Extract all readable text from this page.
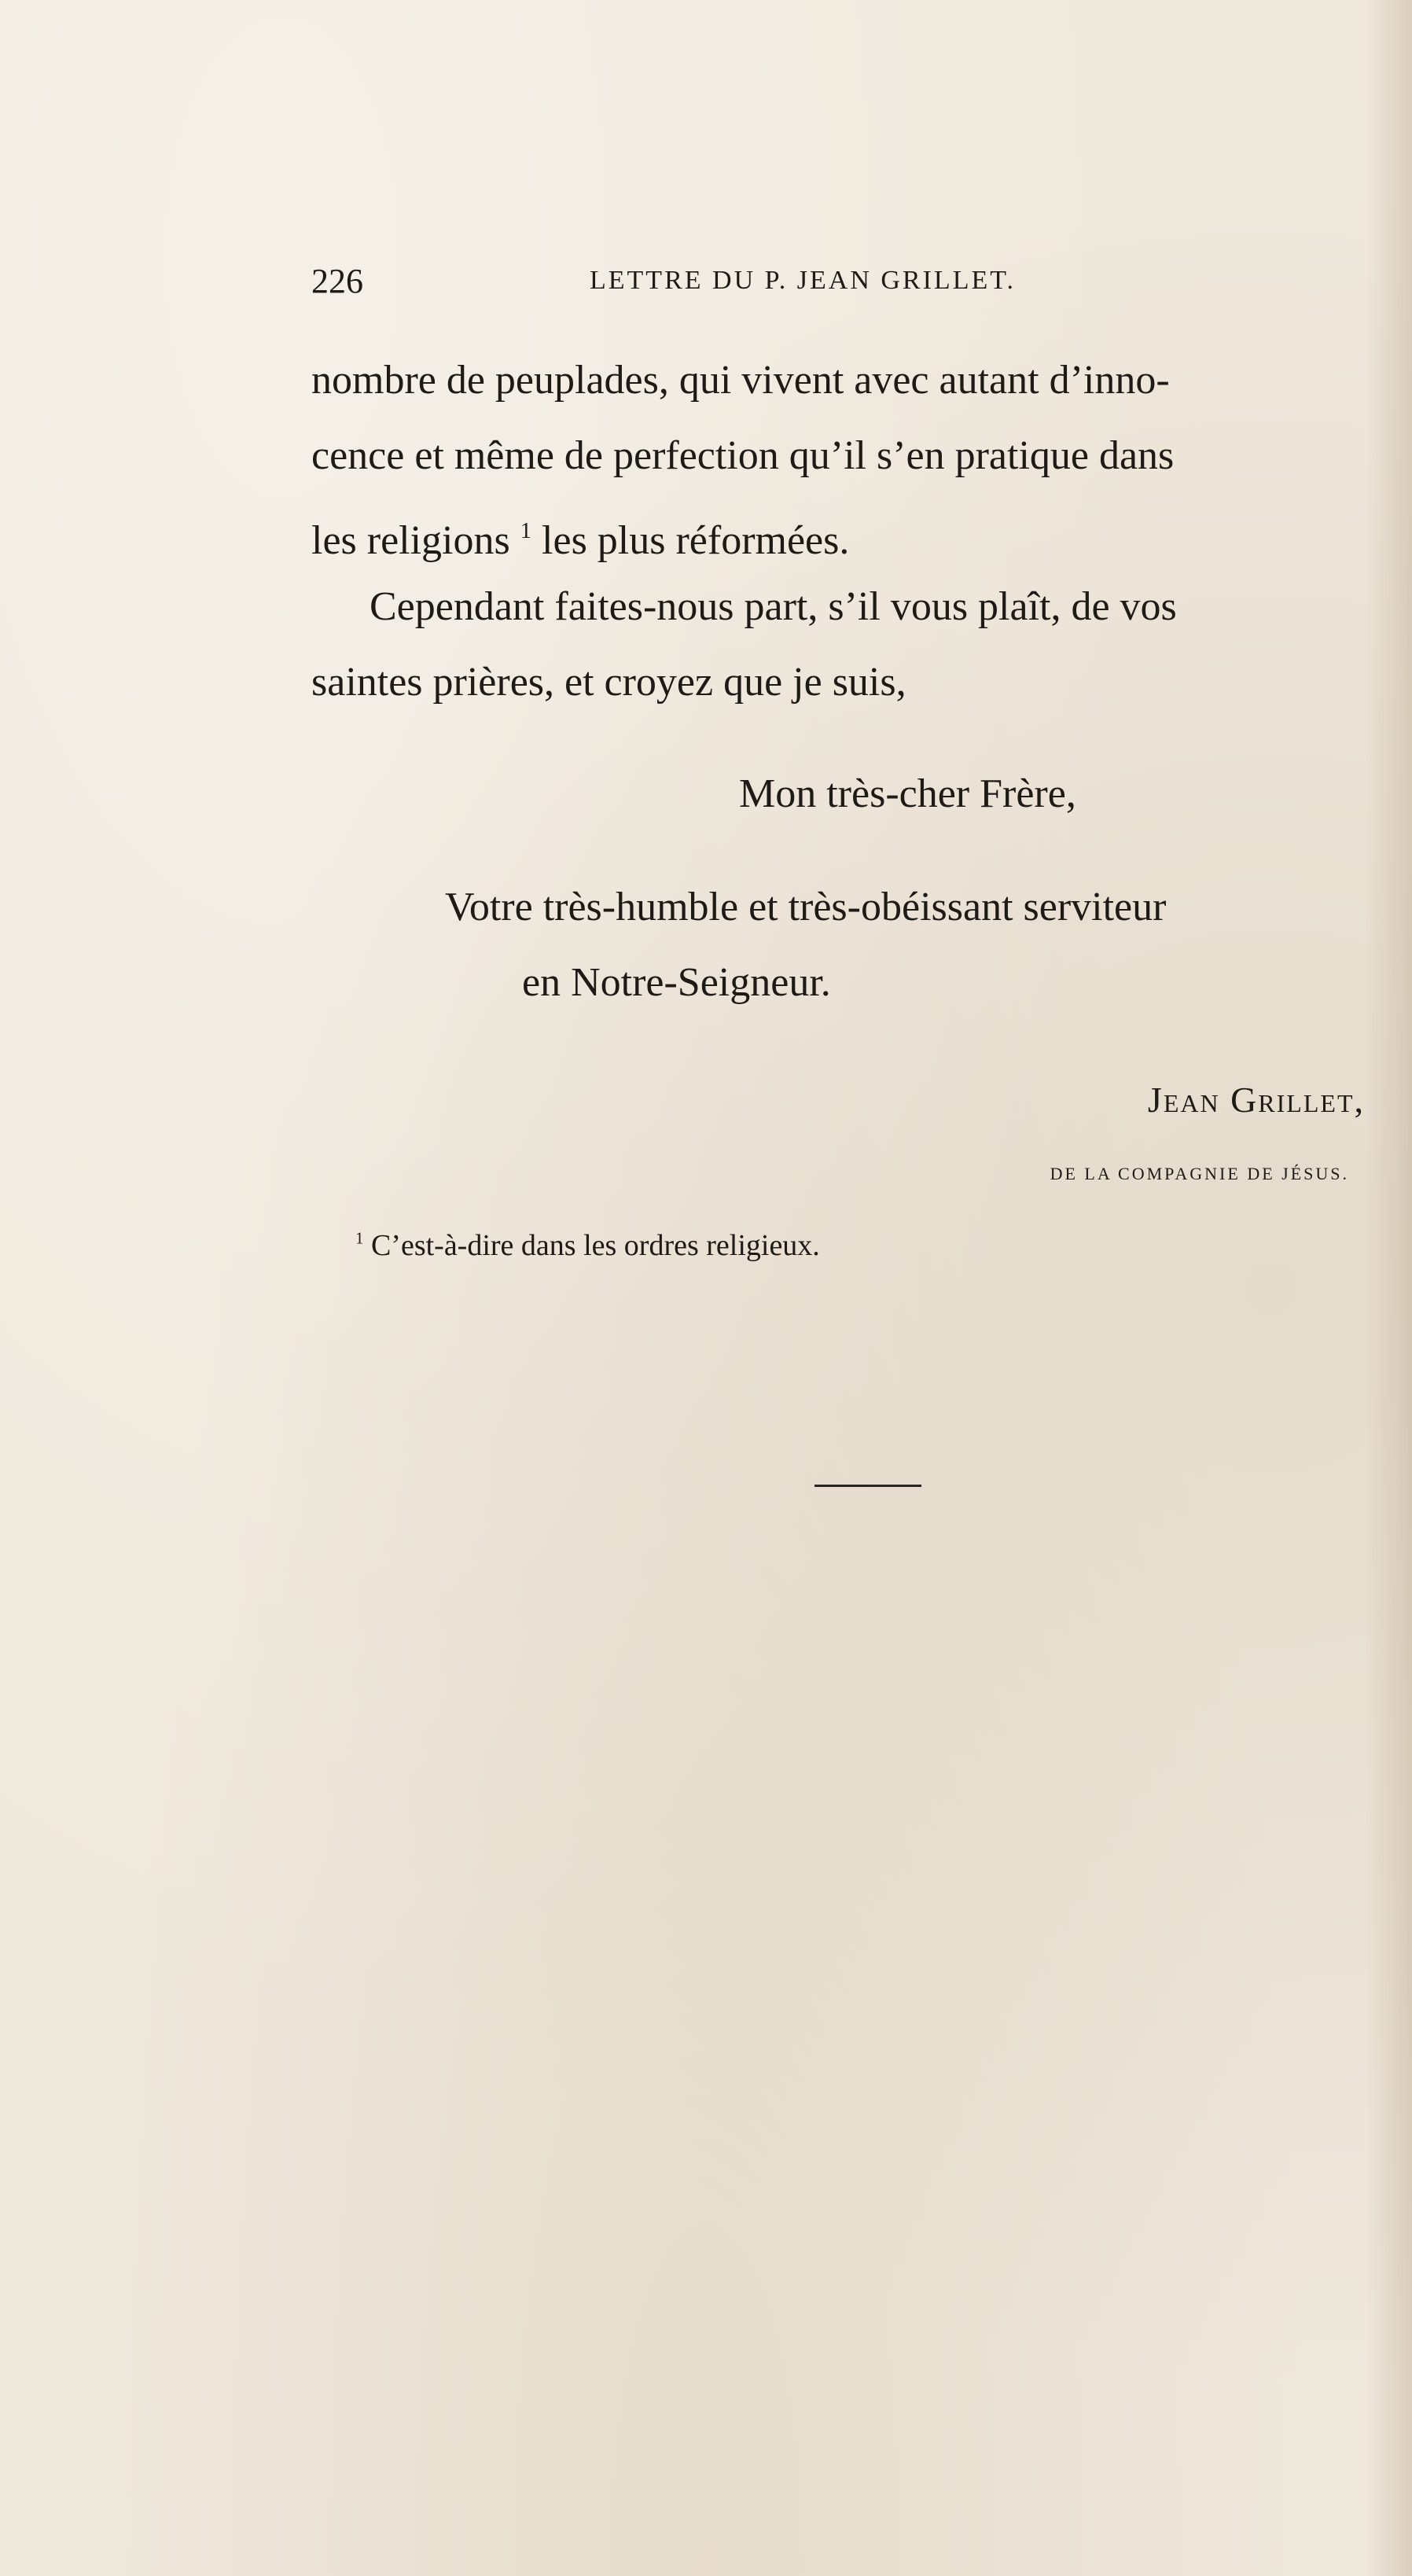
226	LETTRE DU P. JEAN GRILLET.
nombre de peuplades, qui vivent avec autant d’inno-
cence et même de perfection qu’il s’en pratique dans
les religions $^1$ les plus réformées.
Cependant faites-nous part, s’il vous plaît, de vos
saintes prières, et croyez que je suis,
Mon très-cher Frère,
Votre très-humble et très-obéissant serviteur
en Notre-Seigneur.
Jean Grillet,
DE LA COMPAGNIE DE JÉSUS.
$^1$ C’est-à-dire dans les ordres religieux.
